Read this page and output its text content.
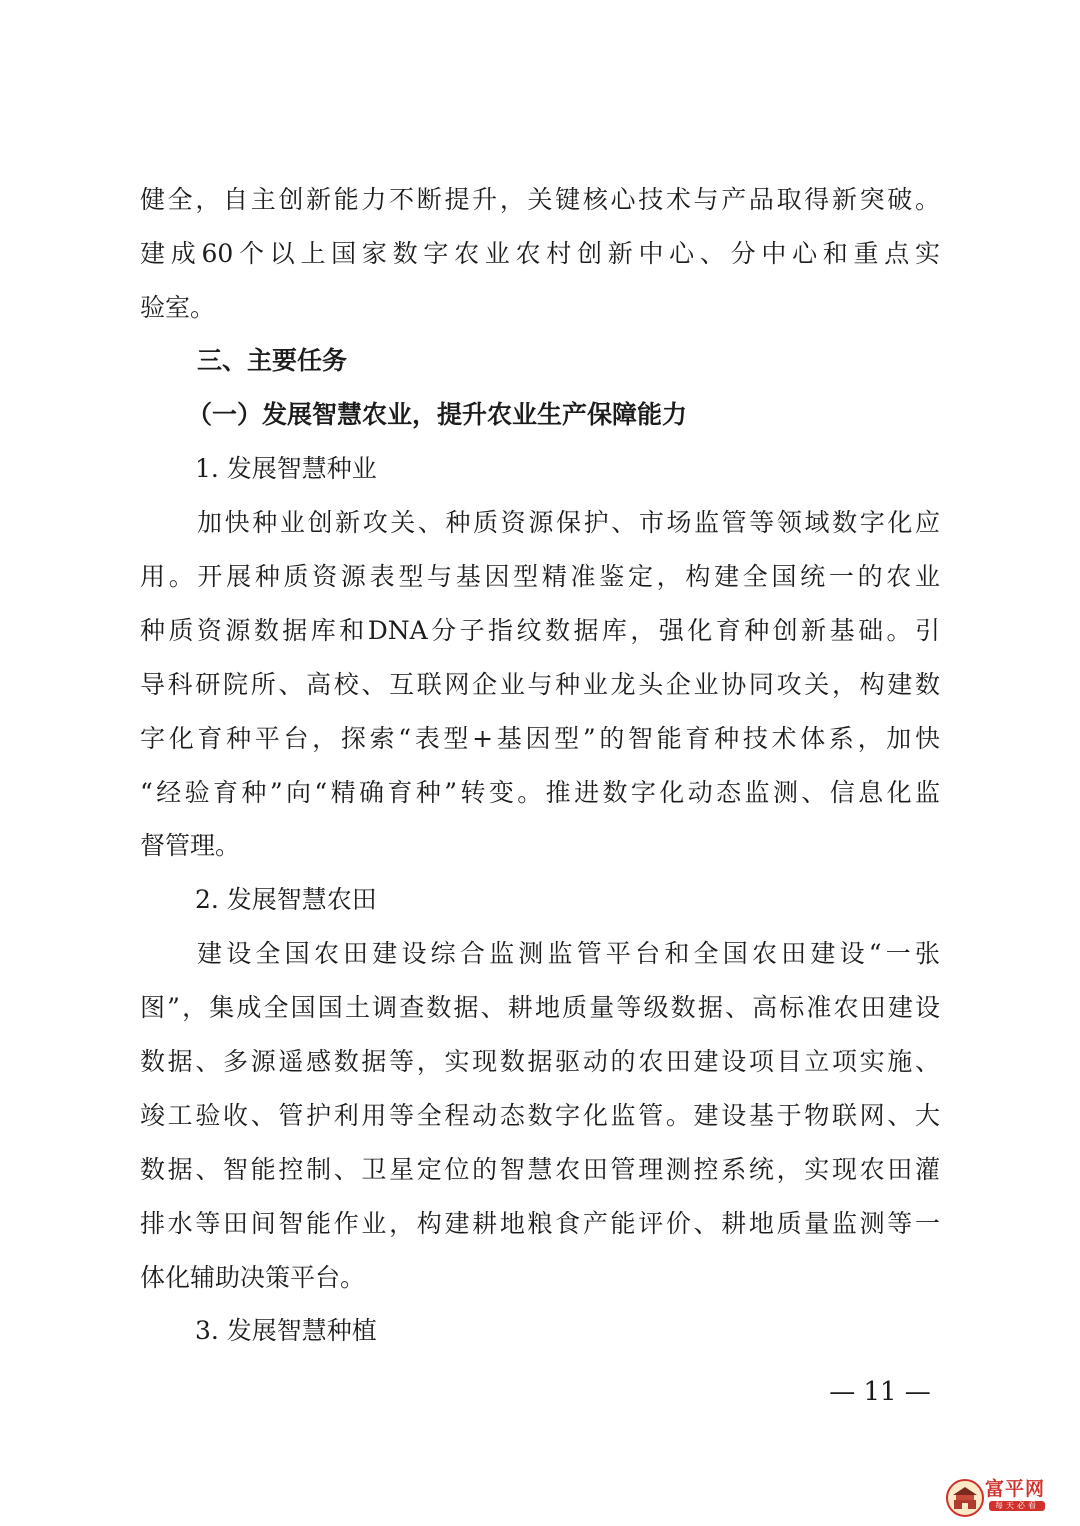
健全，自主创新能力不断提升，关键核心技术与产品取得新突破。
建成60个以上国家数字农业农村创新中心、分中心和重点实
验室。
三、主要任务
（一）发展智慧农业，提升农业生产保障能力
1. 发展智慧种业
加快种业创新攻关、种质资源保护、市场监管等领域数字化应
用。开展种质资源表型与基因型精准鉴定，构建全国统一的农业
种质资源数据库和DNA分子指纹数据库，强化育种创新基础。引
导科研院所、高校、互联网企业与种业龙头企业协同攻关，构建数
字化育种平台，探索“表型+基因型”的智能育种技术体系，加快
“经验育种”向“精确育种”转变。推进数字化动态监测、信息化监
督管理。
2. 发展智慧农田
建设全国农田建设综合监测监管平台和全国农田建设“一张
图”，集成全国国土调查数据、耕地质量等级数据、高标准农田建设
数据、多源遥感数据等，实现数据驱动的农田建设项目立项实施、
竣工验收、管护利用等全程动态数字化监管。建设基于物联网、大
数据、智能控制、卫星定位的智慧农田管理测控系统，实现农田灌
排水等田间智能作业，构建耕地粮食产能评价、耕地质量监测等一
体化辅助决策平台。
3. 发展智慧种植
— 11 —
富平网
每天必看
